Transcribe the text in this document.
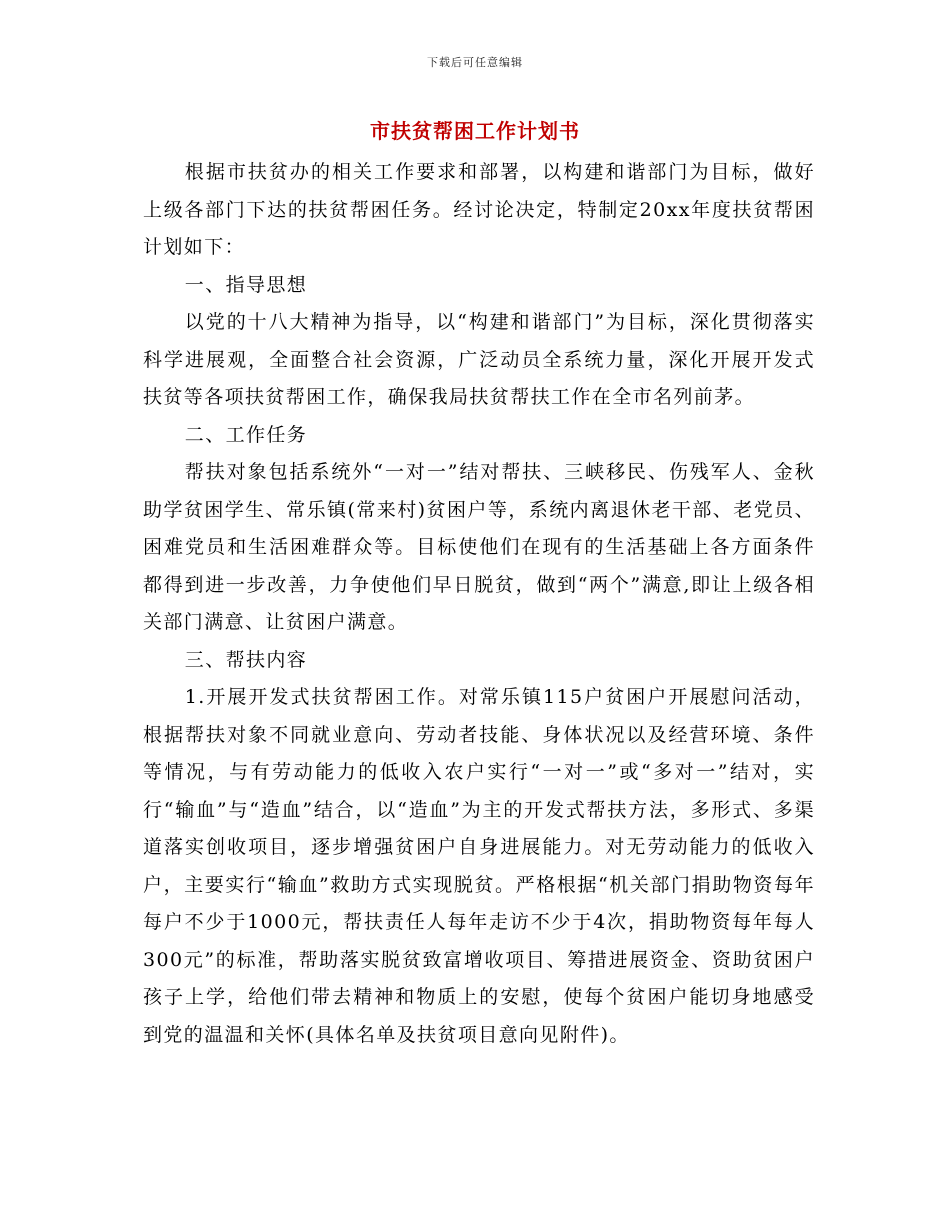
下载后可任意编辑
市扶贫帮困工作计划书

根据市扶贫办的相关工作要求和部署，以构建和谐部门为目标，做好上级各部门下达的扶贫帮困任务。经讨论决定，特制定20xx年度扶贫帮困计划如下：

一、指导思想

以党的十八大精神为指导，以“构建和谐部门”为目标，深化贯彻落实科学进展观，全面整合社会资源，广泛动员全系统力量，深化开展开发式扶贫等各项扶贫帮困工作，确保我局扶贫帮扶工作在全市名列前茅。

二、工作任务

帮扶对象包括系统外“一对一”结对帮扶、三峡移民、伤残军人、金秋助学贫困学生、常乐镇(常来村)贫困户等，系统内离退休老干部、老党员、困难党员和生活困难群众等。目标使他们在现有的生活基础上各方面条件都得到进一步改善，力争使他们早日脱贫，做到“两个”满意,即让上级各相关部门满意、让贫困户满意。

三、帮扶内容

1.开展开发式扶贫帮困工作。对常乐镇115户贫困户开展慰问活动，根据帮扶对象不同就业意向、劳动者技能、身体状况以及经营环境、条件等情况，与有劳动能力的低收入农户实行“一对一”或“多对一”结对，实行“输血”与“造血”结合，以“造血”为主的开发式帮扶方法，多形式、多渠道落实创收项目，逐步增强贫困户自身进展能力。对无劳动能力的低收入户，主要实行“输血”救助方式实现脱贫。严格根据“机关部门捐助物资每年每户不少于1000元，帮扶责任人每年走访不少于4次，捐助物资每年每人300元”的标准，帮助落实脱贫致富增收项目、筹措进展资金、资助贫困户孩子上学，给他们带去精神和物质上的安慰，使每个贫困户能切身地感受到党的温温和关怀(具体名单及扶贫项目意向见附件)。
